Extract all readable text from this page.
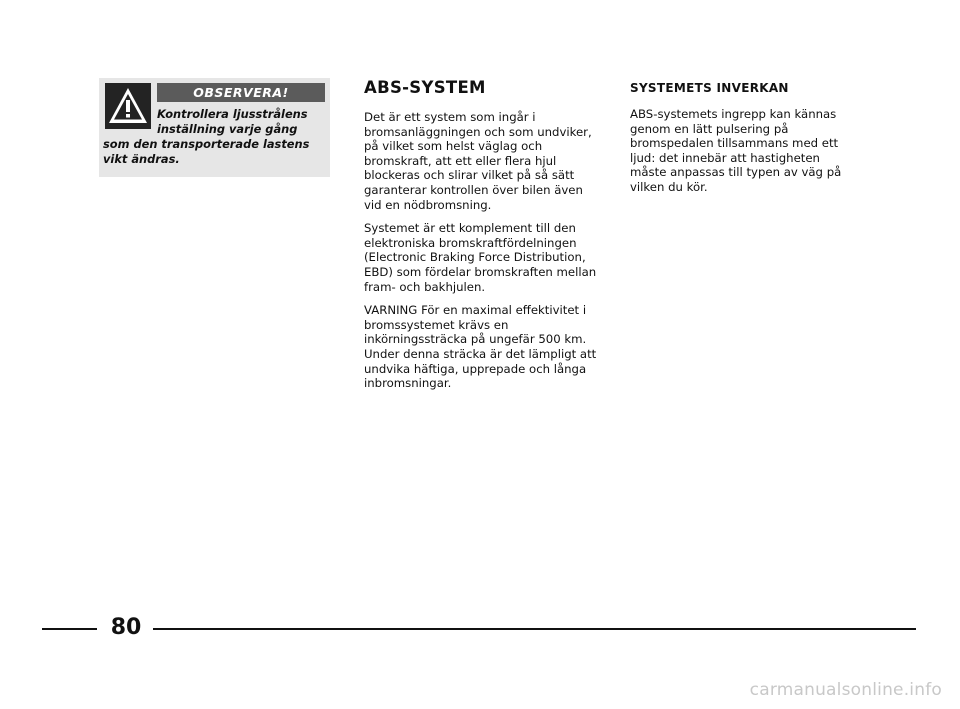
OBSERVERA!

Kontrollera ljusstrålens
inställning varje gång
som den transporterade lastens
vikt ändras.

ABS-SYSTEM

Det är ett system som ingår i bromsanläggningen och som undviker, på vilket som helst väglag och bromskraft, att ett eller flera hjul blockeras och slirar vilket på så sätt garanterar kontrollen över bilen även vid en nödbromsning.

Systemet är ett komplement till den elektroniska bromskraftfördelningen (Electronic Braking Force Distribution, EBD) som fördelar bromskraften mellan fram- och bakhjulen.

VARNING För en maximal effektivitet i bromssystemet krävs en inkörningssträcka på ungefär 500 km. Under denna sträcka är det lämpligt att undvika häftiga, upprepade och långa inbromsningar.

SYSTEMETS INVERKAN

ABS-systemets ingrepp kan kännas genom en lätt pulsering på bromspedalen tillsammans med ett ljud: det innebär att hastigheten måste anpassas till typen av väg på vilken du kör.

80
carmanualsonline.info
